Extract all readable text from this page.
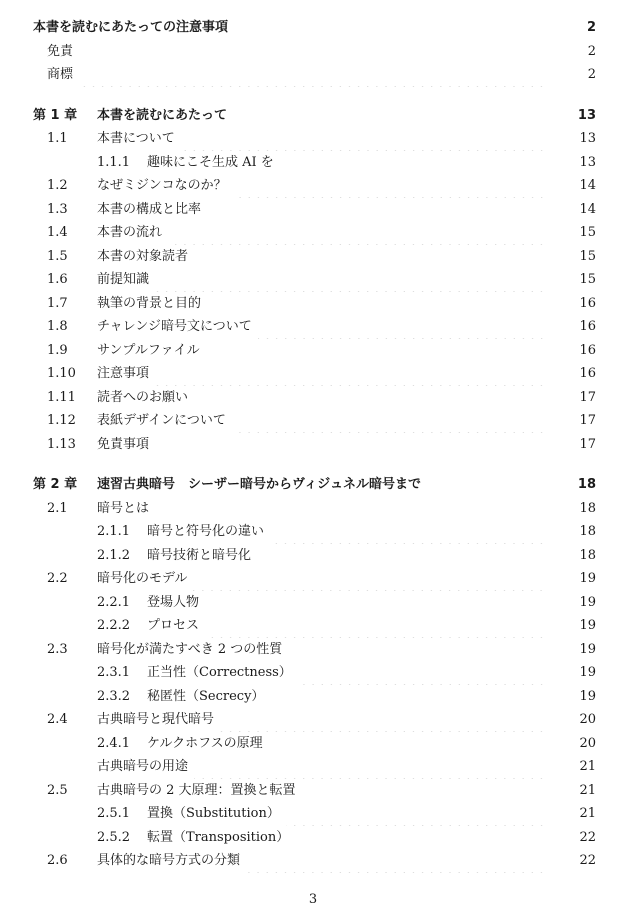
本書を読むにあたっての注意事項	2
免責	2
商標	2
第 1 章	本書を読むにあたって	13
1.1	本書について	13
1.1.1	趣味にこそ生成 AI を	13
1.2	なぜミジンコなのか？	14
1.3	本書の構成と比率	14
1.4	本書の流れ	15
1.5	本書の対象読者	15
1.6	前提知識	15
1.7	執筆の背景と目的	16
1.8	チャレンジ暗号文について	16
1.9	サンプルファイル	16
1.10	注意事項	16
1.11	読者へのお願い	17
1.12	表紙デザインについて	17
1.13	免責事項	17
第 2 章	速習古典暗号　シーザー暗号からヴィジュネル暗号まで	18
2.1	暗号とは	18
2.1.1	暗号と符号化の違い	18
2.1.2	暗号技術と暗号化	18
2.2	暗号化のモデル	19
2.2.1	登場人物	19
2.2.2	プロセス	19
2.3	暗号化が満たすべき 2 つの性質	19
2.3.1	正当性（Correctness）	19
2.3.2	秘匿性（Secrecy）	19
2.4	古典暗号と現代暗号	20
2.4.1	ケルクホフスの原理	20
古典暗号の用途	21
2.5	古典暗号の 2 大原理：置換と転置	21
2.5.1	置換（Substitution）	21
2.5.2	転置（Transposition）	22
2.6	具体的な暗号方式の分類	22
3
